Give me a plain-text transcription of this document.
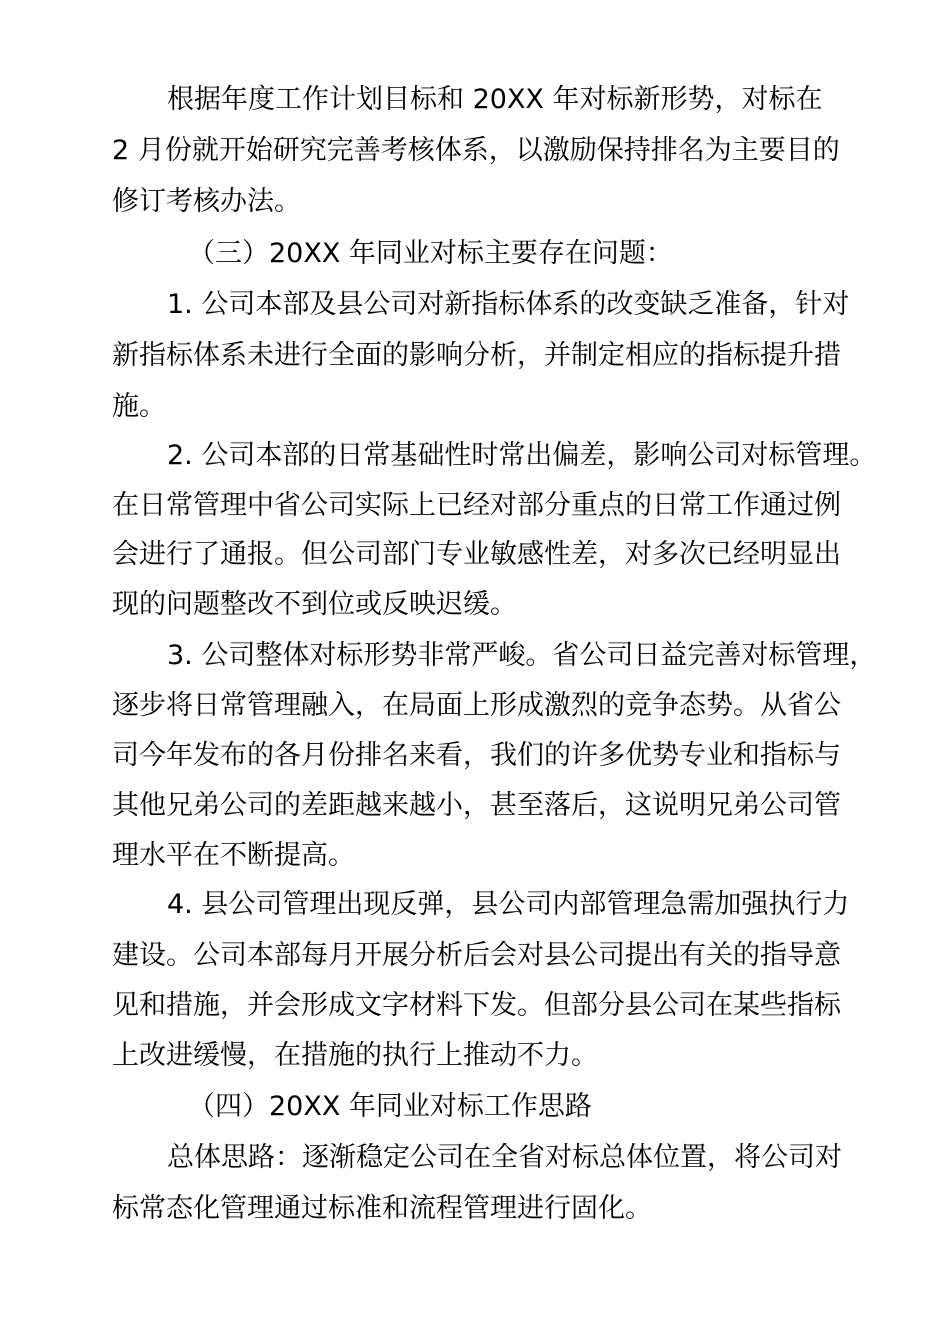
根据年度工作计划目标和 20XX 年对标新形势，对标在
2 月份就开始研究完善考核体系，以激励保持排名为主要目的
修订考核办法。
（三）20XX 年同业对标主要存在问题：
1. 公司本部及县公司对新指标体系的改变缺乏准备，针对
新指标体系未进行全面的影响分析，并制定相应的指标提升措
施。
2. 公司本部的日常基础性时常出偏差，影响公司对标管理。
在日常管理中省公司实际上已经对部分重点的日常工作通过例
会进行了通报。但公司部门专业敏感性差，对多次已经明显出
现的问题整改不到位或反映迟缓。
3. 公司整体对标形势非常严峻。省公司日益完善对标管理，
逐步将日常管理融入，在局面上形成激烈的竞争态势。从省公
司今年发布的各月份排名来看，我们的许多优势专业和指标与
其他兄弟公司的差距越来越小，甚至落后，这说明兄弟公司管
理水平在不断提高。
4. 县公司管理出现反弹，县公司内部管理急需加强执行力
建设。公司本部每月开展分析后会对县公司提出有关的指导意
见和措施，并会形成文字材料下发。但部分县公司在某些指标
上改进缓慢，在措施的执行上推动不力。
（四）20XX 年同业对标工作思路
总体思路：逐渐稳定公司在全省对标总体位置，将公司对
标常态化管理通过标准和流程管理进行固化。
